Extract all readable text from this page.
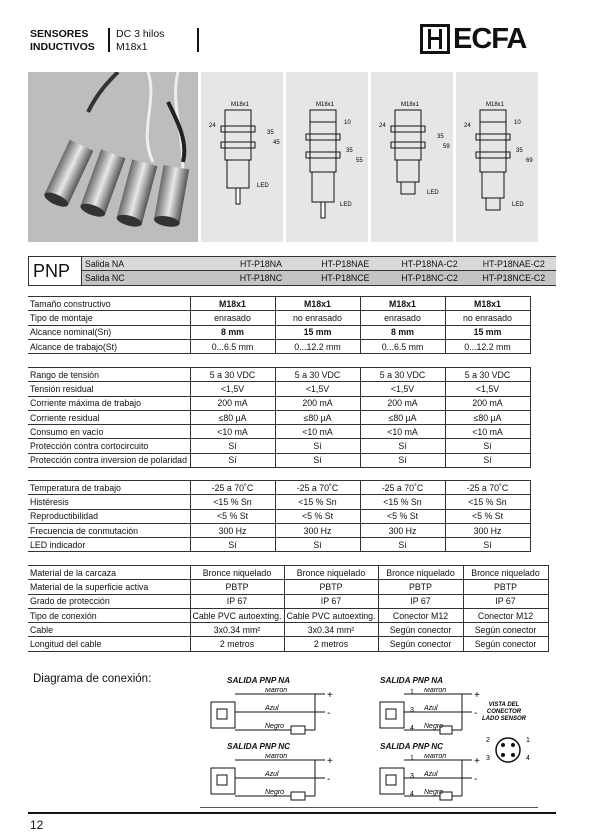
SENSORES
INDUCTIVOS
DC 3 hilos
M18x1	ECFA
M18x1
24
35
45
LED
M18x1
10
35
55
LED
M18x1
24
35
59
LED
M18x1
24	10
35
69
LED
PNP	Salida NA	HT-P18NA	HT-P18NAE	HT-P18NA-C2	HT-P18NAE-C2
Salida NC	HT-P18NC	HT-P18NCE	HT-P18NC-C2	HT-P18NCE-C2
Tamaño constructivo	M18x1	M18x1	M18x1	M18x1
Tipo de montaje	enrasado	no enrasado	enrasado	no enrasado
Alcance nominal(Sn)	8 mm	15 mm	8 mm	15 mm
Alcance de trabajo(St)	0...6.5 mm	0...12.2 mm	0...6.5 mm	0...12.2 mm
Rango de tensión	5 a 30 VDC	5 a 30 VDC	5 a 30 VDC	5 a 30 VDC
Tensión residual	<1,5V	<1,5V	<1,5V	<1,5V
Corriente máxima de trabajo	200 mA	200 mA	200 mA	200 mA
Corriente residual	≤80 µA	≤80 µA	≤80 µA	≤80 µA
Consumo en vacío	<10 mA	<10 mA	<10 mA	<10 mA
Protección contra cortocircuito	Sí	Sí	Sí	Sí
Protección contra inversion de polaridad	Sí	Sí	Sí	Sí
Temperatura de trabajo	-25 a 70˚C	-25 a 70˚C	-25 a 70˚C	-25 a 70˚C
Histéresis	<15 % Sn	<15 % Sn	<15 % Sn	<15 % Sn
Reproductibilidad	<5 % St	<5 % St	<5 % St	<5 % St
Frecuencia de conmutación	300 Hz	300 Hz	300 Hz	300 Hz
LED indicador	Sí	Sí	Sí	Sí
Material de la carcaza	Bronce niquelado	Bronce niquelado	Bronce niquelado	Bronce niquelado
Material de la superficie activa	PBTP	PBTP	PBTP	PBTP
Grado de protección	IP 67	IP 67	IP 67	IP 67
Tipo de conexión	Cable PVC autoexting.	Cable PVC autoexting.	Conector M12	Conector M12
Cable	3x0.34 mm²	3x0.34 mm²	Según conector	Según conector
Longitud del cable	2 metros	2 metros	Según conector	Según conector
Diagrama de conexión:	SALIDA PNP NA
Marrón
Azul
Negro
+
-
SALIDA PNP NC
Marrón
Azul
Negro
+
-
SALIDA PNP NA
1
3
4
Marrón
Azul
Negro
+
-
VISTA DEL
CONECTOR
LADO SENSOR
SALIDA PNP NC
1
3
4
Marrón
Azul
Negro
+
-
2	1
3	4
12
